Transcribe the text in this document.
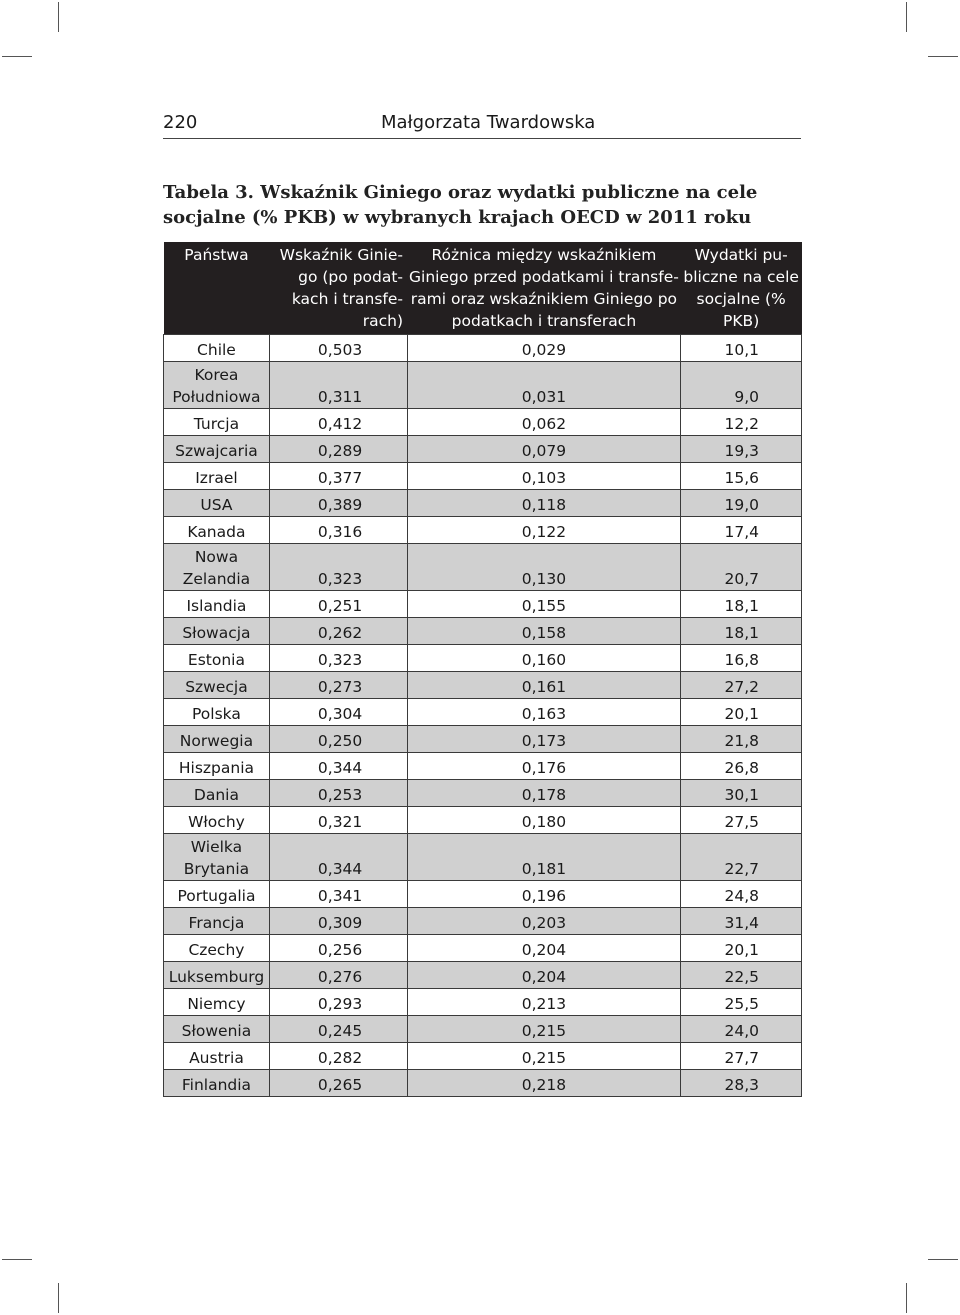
220	Małgorzata Twardowska
Tabela 3. Wskaźnik Giniego oraz wydatki publiczne na cele socjalne (% PKB) w wybranych krajach OECD w 2011 roku
Państwa	Wskaźnik Ginie-go (po podat-kach i transfe-rach)	Różnica między wskaźnikiem Giniego przed podatkami i transfe-rami oraz wskaźnikiem Giniego po podatkach i transferach	Wydatki pu-bliczne na cele socjalne (% PKB)
Chile	0,503	0,029	10,1
Korea Południowa	0,311	0,031	9,0
Turcja	0,412	0,062	12,2
Szwajcaria	0,289	0,079	19,3
Izrael	0,377	0,103	15,6
USA	0,389	0,118	19,0
Kanada	0,316	0,122	17,4
Nowa Zelandia	0,323	0,130	20,7
Islandia	0,251	0,155	18,1
Słowacja	0,262	0,158	18,1
Estonia	0,323	0,160	16,8
Szwecja	0,273	0,161	27,2
Polska	0,304	0,163	20,1
Norwegia	0,250	0,173	21,8
Hiszpania	0,344	0,176	26,8
Dania	0,253	0,178	30,1
Włochy	0,321	0,180	27,5
Wielka Brytania	0,344	0,181	22,7
Portugalia	0,341	0,196	24,8
Francja	0,309	0,203	31,4
Czechy	0,256	0,204	20,1
Luksemburg	0,276	0,204	22,5
Niemcy	0,293	0,213	25,5
Słowenia	0,245	0,215	24,0
Austria	0,282	0,215	27,7
Finlandia	0,265	0,218	28,3
